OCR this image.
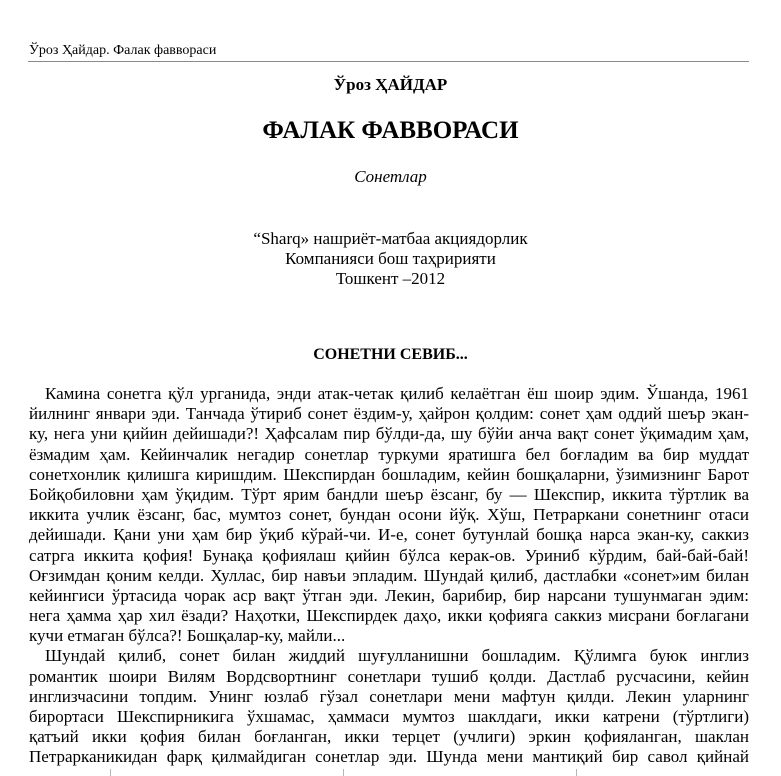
Ўроз Ҳайдар. Фалак фаввораси
Ўроз ҲАЙДАР
ФАЛАК ФАВВОРАСИ
Сонетлар
“Sharq» нашриёт-матбаа акциядорлик
Компанияси бош таҳририяти
Тошкент –2012
СОНЕТНИ СЕВИБ...
Камина сонетга қўл урганида, энди атак-четак қилиб келаётган ёш шоир эдим. Ўшанда, 1961
йилнинг январи эди. Танчада ўтириб сонет ёздим-у, ҳайрон қолдим: сонет ҳам оддий шеър экан-
ку, нега уни қийин дейишади?! Ҳафсалам пир бўлди-да, шу бўйи анча вақт сонет ўқимадим ҳам,
ёзмадим ҳам. Кейинчалик негадир сонетлар туркуми яратишга бел боғладим ва бир муддат
сонетхонлик қилишга киришдим. Шекспирдан бошладим, кейин бошқаларни, ўзимизнинг Барот
Бойқобиловни ҳам ўқидим. Тўрт ярим бандли шеър ёзсанг, бу — Шекспир, иккита тўртлик ва
иккита учлик ёзсанг, бас, мумтоз сонет, бундан осони йўқ. Хўш, Петраркани сонетнинг отаси
дейишади. Қани уни ҳам бир ўқиб кўрай-чи. И-е, сонет бутунлай бошқа нарса экан-ку, саккиз
сатрга иккита қофия! Бунақа қофиялаш қийин бўлса керак-ов. Уриниб кўрдим, бай-бай-бай!
Оғзимдан қоним келди. Хуллас, бир навъи эпладим. Шундай қилиб, дастлабки «сонет»им билан
кейингиси ўртасида чорак аср вақт ўтган эди. Лекин, барибир, бир нарсани тушунмаган эдим:
нега ҳамма ҳар хил ёзади? Наҳотки, Шекспирдек даҳо, икки қофияга саккиз мисрани боғлагани
кучи етмаган бўлса?! Бошқалар-ку, майли...
Шундай қилиб, сонет билан жиддий шуғулланишни бошладим. Қўлимга буюк инглиз
романтик шоири Вилям Вордсвортнинг сонетлари тушиб қолди. Дастлаб русчасини, кейин
инглизчасини топдим. Унинг юзлаб гўзал сонетлари мени мафтун қилди. Лекин уларнинг
бирортаси Шекспирникига ўхшамас, ҳаммаси мумтоз шаклдаги, икки катрени (тўртлиги)
қатъий икки қофия билан боғланган, икки терцет (учлиги) эркин қофияланган, шаклан
Петрарканикидан фарқ қилмайдиган сонетлар эди. Шунда мени мантиқий бир савол қийнай
